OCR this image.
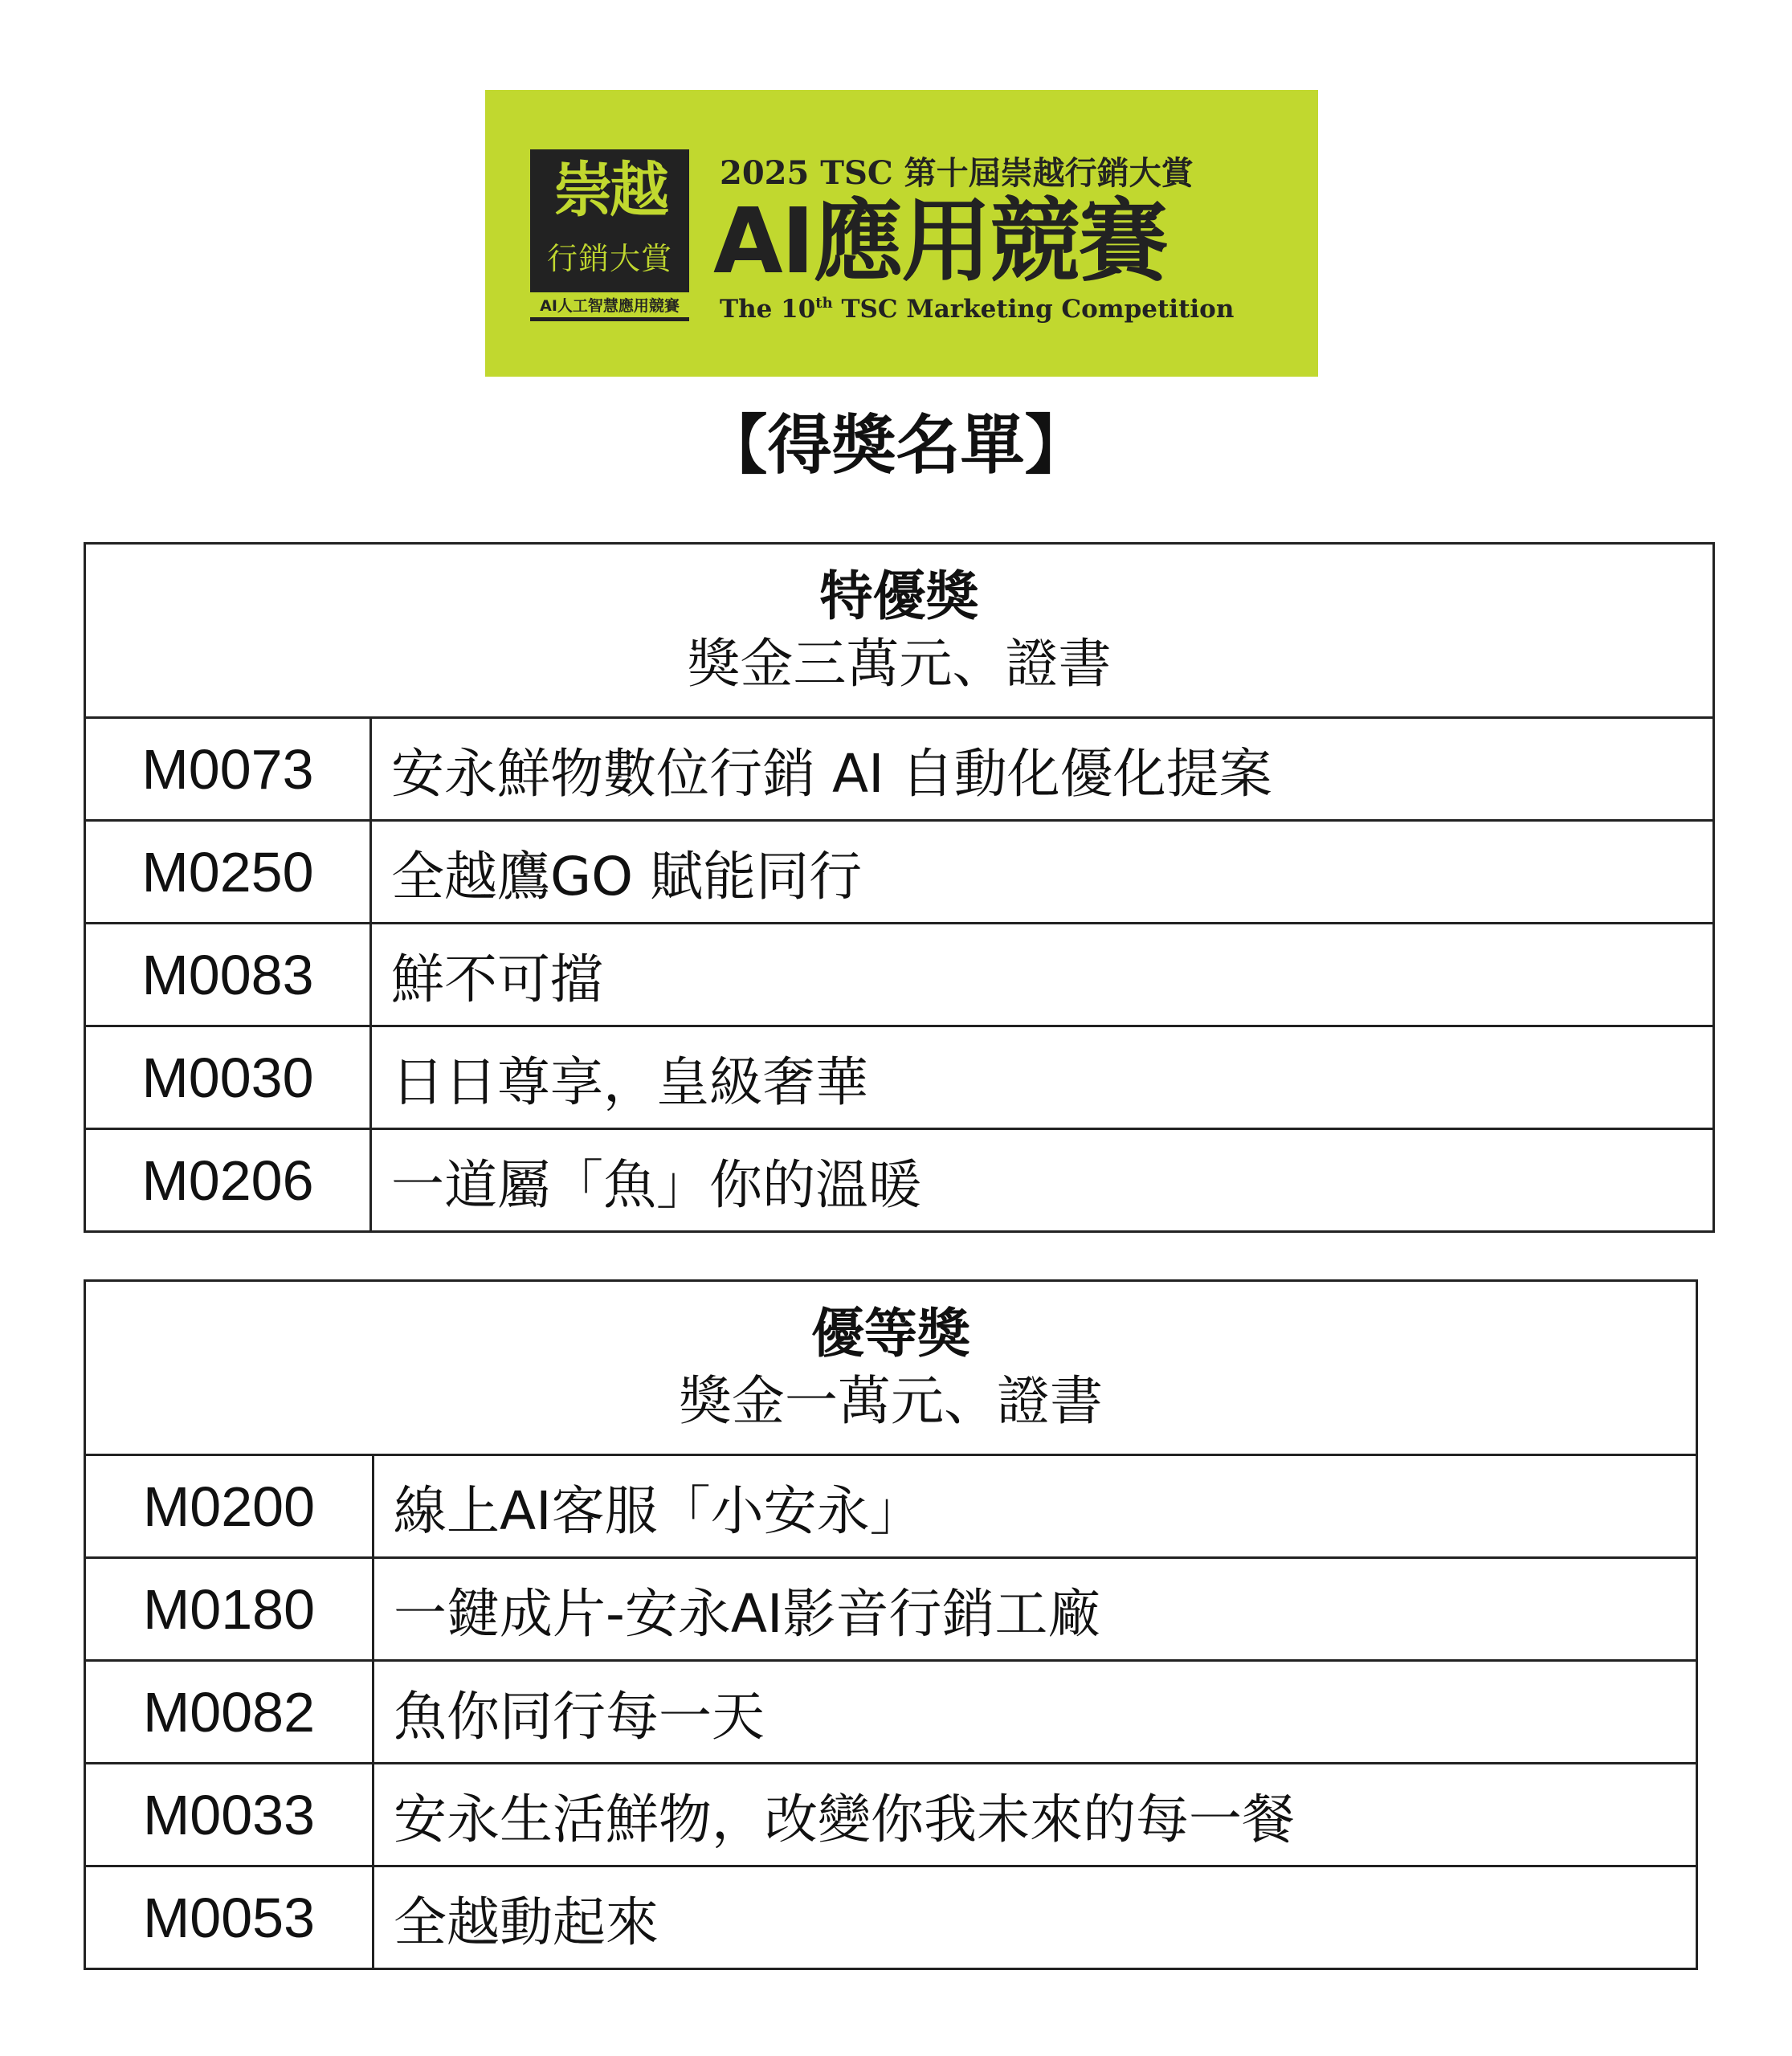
崇越
行銷大賞
AI人工智慧應用競賽
2025 TSC 第十屆崇越行銷大賞
AI應用競賽
The 10th TSC Marketing Competition
【得獎名單】
特優獎
獎金三萬元、證書	

M0073	安永鮮物數位行銷 AI 自動化優化提案
M0250	全越鷹GO 賦能同行
M0083	鮮不可擋
M0030	日日尊享，皇級奢華
M0206	一道屬「魚」你的溫暖
優等獎
獎金一萬元、證書	

M0200	線上AI客服「小安永」
M0180	一鍵成片-安永AI影音行銷工廠
M0082	魚你同行每一天
M0033	安永生活鮮物，改變你我未來的每一餐
M0053	全越動起來
